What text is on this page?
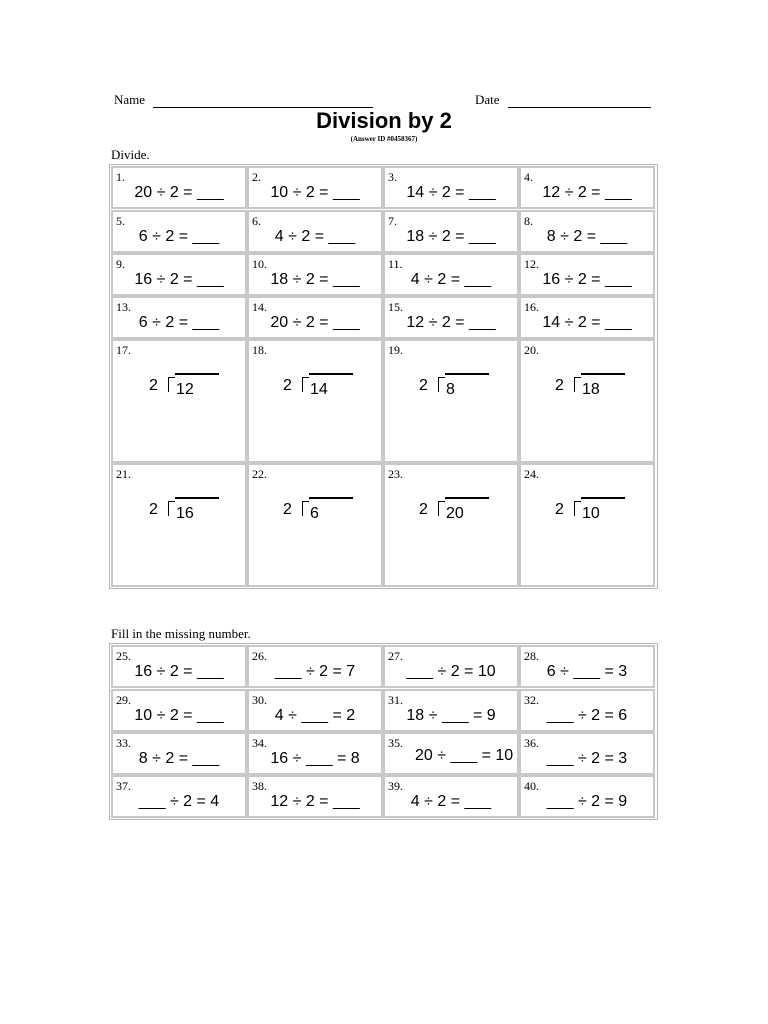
Name	Date
Division by 2
(Answer ID #0458367)
Divide.
1.
20 ÷ 2 = ___
2.
10 ÷ 2 = ___
3.
14 ÷ 2 = ___
4.
12 ÷ 2 = ___
5.
6 ÷ 2 = ___
6.
4 ÷ 2 = ___
7.
18 ÷ 2 = ___
8.
8 ÷ 2 = ___
9.
16 ÷ 2 = ___
10.
18 ÷ 2 = ___
11.
4 ÷ 2 = ___
12.
16 ÷ 2 = ___
13.
6 ÷ 2 = ___
14.
20 ÷ 2 = ___
15.
12 ÷ 2 = ___
16.
14 ÷ 2 = ___
17.
2 12
18.
2 14
19.
2 8
20.
2 18
21.
2 16
22.
2 6
23.
2 20
24.
2 10
Fill in the missing number.
25.
16 ÷ 2 = ___
26.
___ ÷ 2 = 7
27.
___ ÷ 2 = 10
28.
6 ÷ ___ = 3
29.
10 ÷ 2 = ___
30.
4 ÷ ___ = 2
31.
18 ÷ ___ = 9
32.
___ ÷ 2 = 6
33.
8 ÷ 2 = ___
34.
16 ÷ ___ = 8
35.
20 ÷ ___ = 10
36.
___ ÷ 2 = 3
37.
___ ÷ 2 = 4
38.
12 ÷ 2 = ___
39.
4 ÷ 2 = ___
40.
___ ÷ 2 = 9
